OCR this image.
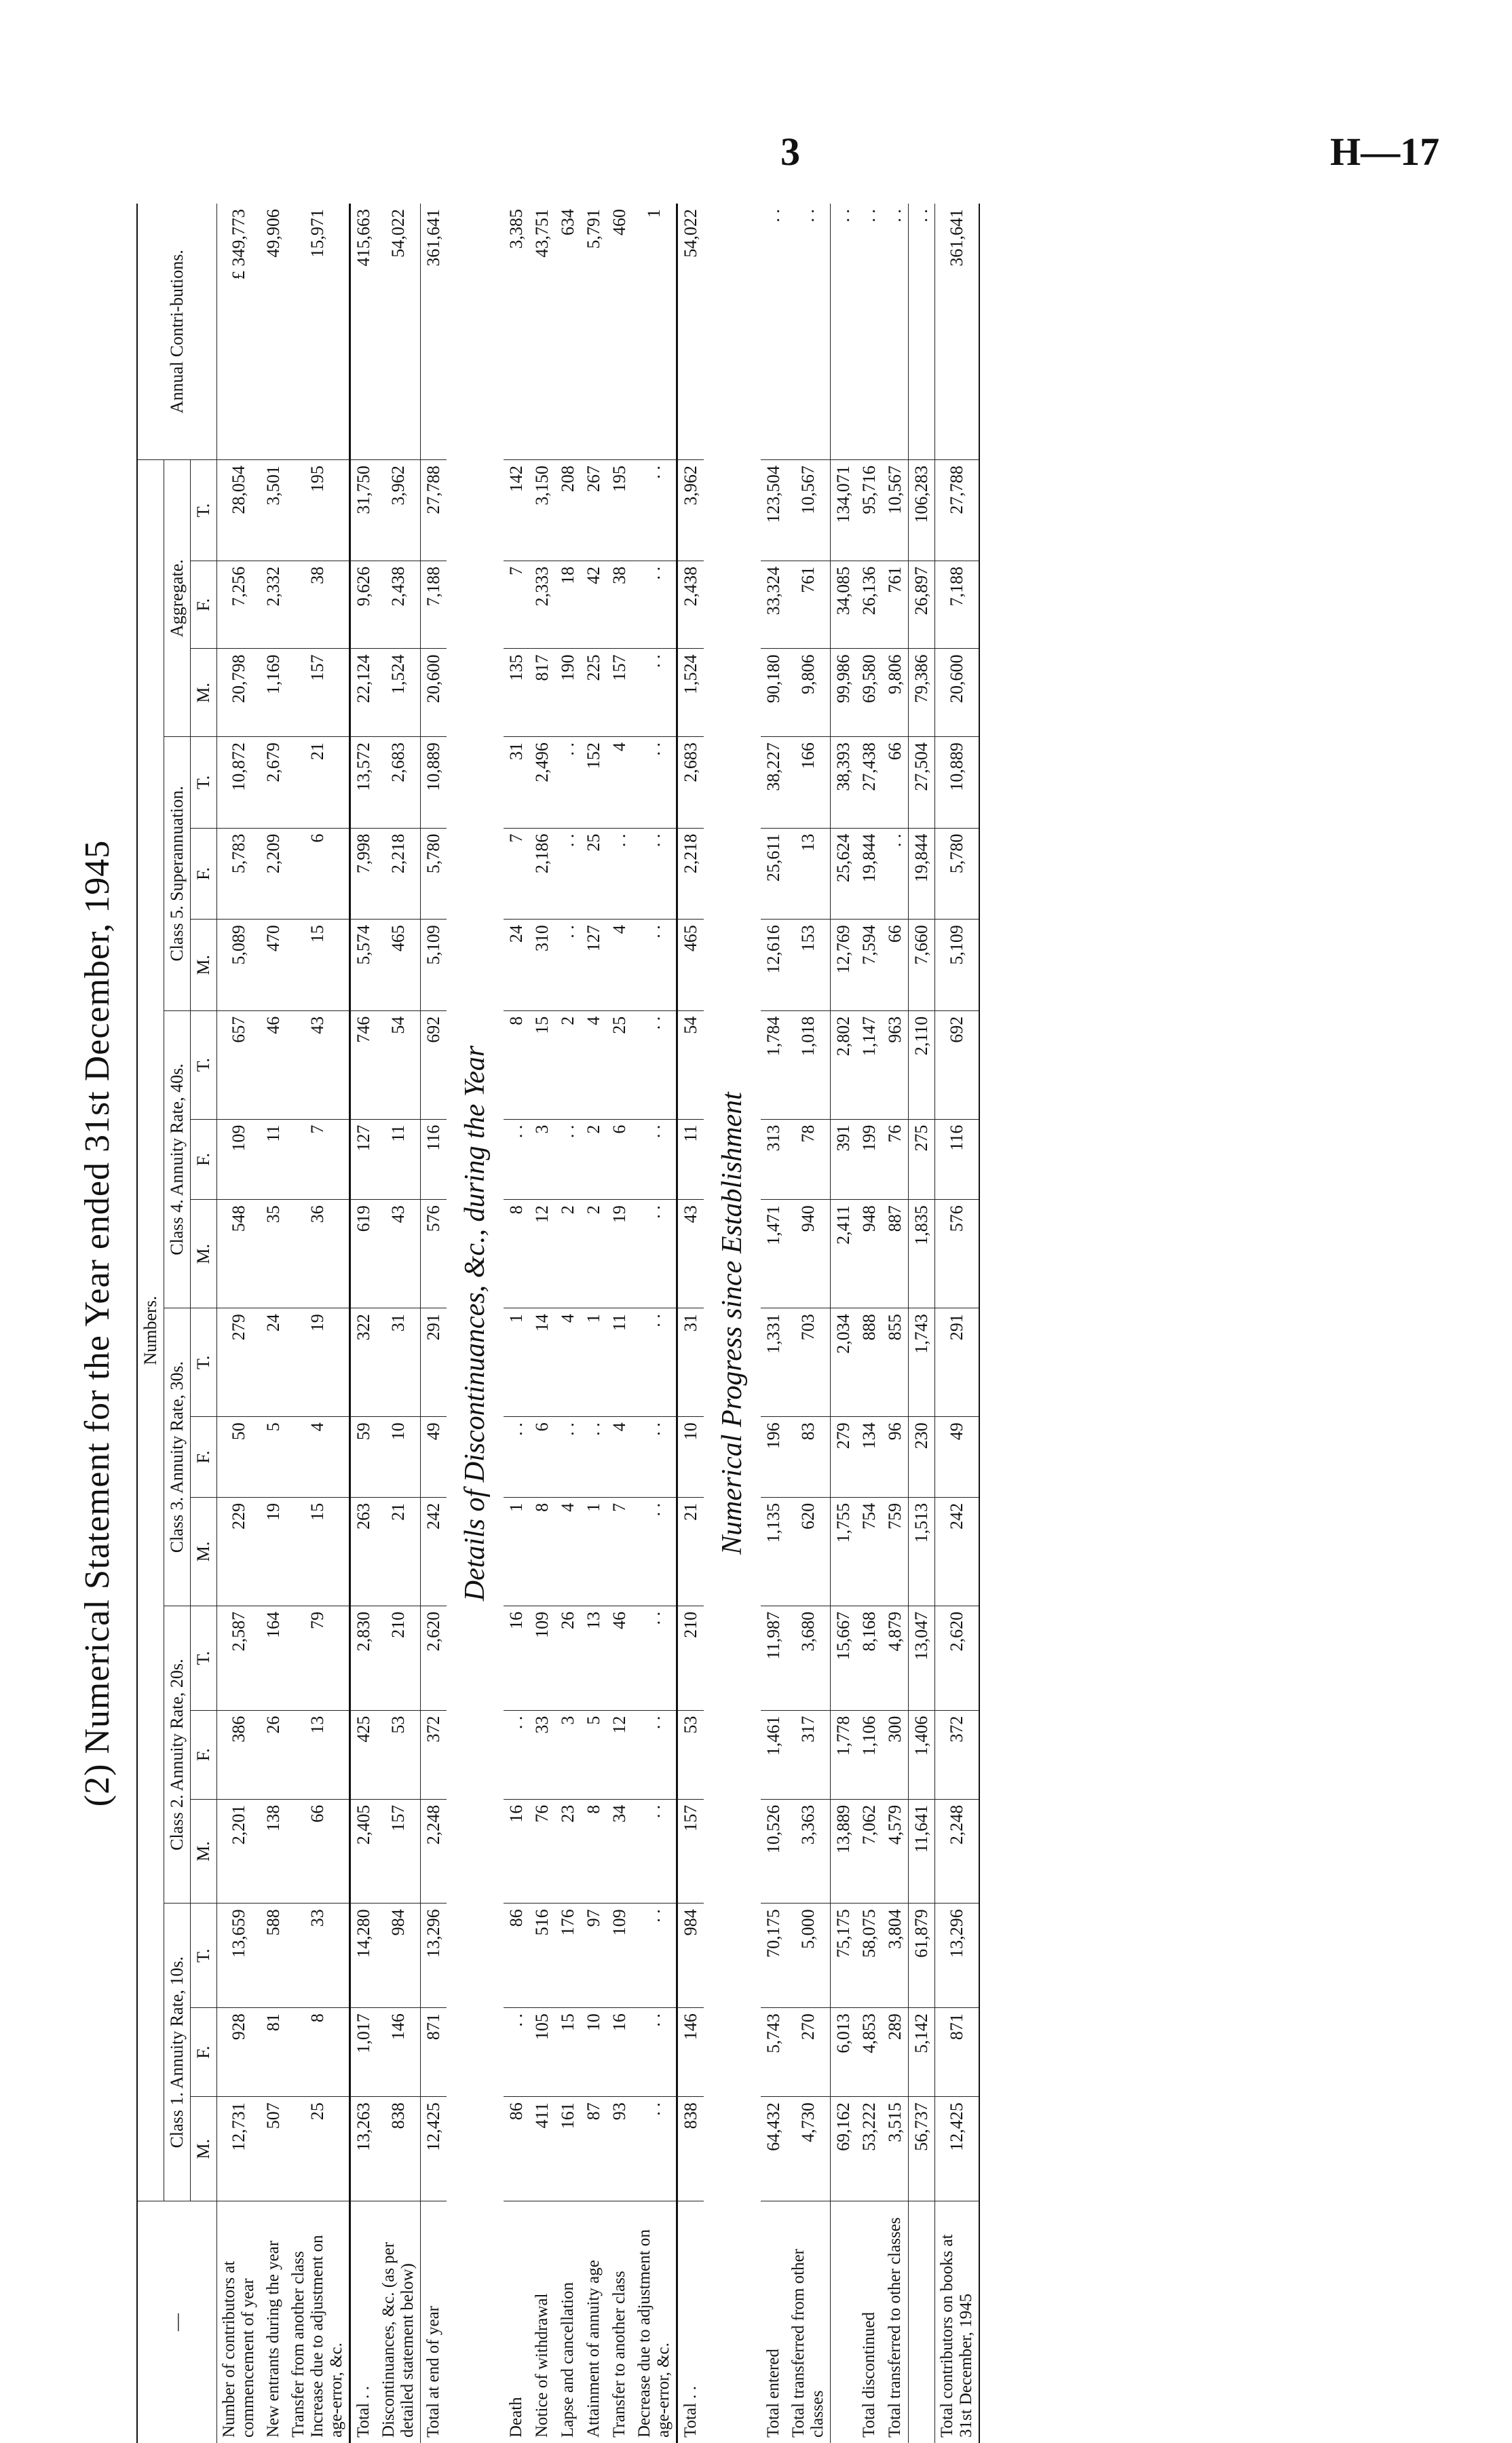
3	H—17
(2) Numerical Statement for the Year ended 31st December, 1945
—	Numbers.																		Annual Contri-butions.
	Class 1. Annuity Rate, 10s.			Class 2. Annuity Rate, 20s.			Class 3. Annuity Rate, 30s.			Class 4. Annuity Rate, 40s.			Class 5. Superannuation.			Aggregate.			
	M.	F.	T.	M.	F.	T.	M.	F.	T.	M.	F.	T.	M.	F.	T.	M.	F.	T.	
Number of contributors at commencement of year	12,731	928	13,659	2,201	386	2,587	229	50	279	548	109	657	5,089	5,783	10,872	20,798	7,256	28,054	£ 349,773
New entrants during the year	507	81	588	138	26	164	19	5	24	35	11	46	470	2,209	2,679	1,169	2,332	3,501	49,906
Transfer from another class Increase due to adjustment on age-error, &c.	25	8	33	66	13	79	15	4	19	36	7	43	15	6	21	157	38	195	15,971
Total . .	13,263	1,017	14,280	2,405	425	2,830	263	59	322	619	127	746	5,574	7,998	13,572	22,124	9,626	31,750	415,663
Discontinuances, &c. (as per detailed statement below)	838	146	984	157	53	210	21	10	31	43	11	54	465	2,218	2,683	1,524	2,438	3,962	54,022
Total at end of year	12,425	871	13,296	2,248	372	2,620	242	49	291	576	116	692	5,109	5,780	10,889	20,600	7,188	27,788	361,641
Details of Discontinuances, &c., during the Year																			
Death	86	. .	86	16	. .	16	1	. .	1	8	. .	8	24	7	31	135	7	142	3,385
Notice of withdrawal	411	105	516	76	33	109	8	6	14	12	3	15	310	2,186	2,496	817	2,333	3,150	43,751
Lapse and cancellation	161	15	176	23	3	26	4	. .	4	2	. .	2	. .	. .	. .	190	18	208	634
Attainment of annuity age	87	10	97	8	5	13	1	. .	1	2	2	4	127	25	152	225	42	267	5,791
Transfer to another class	93	16	109	34	12	46	7	4	11	19	6	25	4	. .	4	157	38	195	460
Decrease due to adjustment on age-error, &c.	. .	. .	. .	. .	. .	. .	. .	. .	. .	. .	. .	. .	. .	. .	. .	. .	. .	. .	1
Total . .	838	146	984	157	53	210	21	10	31	43	11	54	465	2,218	2,683	1,524	2,438	3,962	54,022
Numerical Progress since Establishment																			
Total entered	64,432	5,743	70,175	10,526	1,461	11,987	1,135	196	1,331	1,471	313	1,784	12,616	25,611	38,227	90,180	33,324	123,504	. .
Total transferred from other classes	4,730	270	5,000	3,363	317	3,680	620	83	703	940	78	1,018	153	13	166	9,806	761	10,567	. .
	69,162	6,013	75,175	13,889	1,778	15,667	1,755	279	2,034	2,411	391	2,802	12,769	25,624	38,393	99,986	34,085	134,071	. .
Total discontinued	53,222	4,853	58,075	7,062	1,106	8,168	754	134	888	948	199	1,147	7,594	19,844	27,438	69,580	26,136	95,716	. .
Total transferred to other classes	3,515	289	3,804	4,579	300	4,879	759	96	855	887	76	963	66	. .	66	9,806	761	10,567	. .
	56,737	5,142	61,879	11,641	1,406	13,047	1,513	230	1,743	1,835	275	2,110	7,660	19,844	27,504	79,386	26,897	106,283	. .
Total contributors on books at 31st December, 1945	12,425	871	13,296	2,248	372	2,620	242	49	291	576	116	692	5,109	5,780	10,889	20,600	7,188	27,788	361,641
